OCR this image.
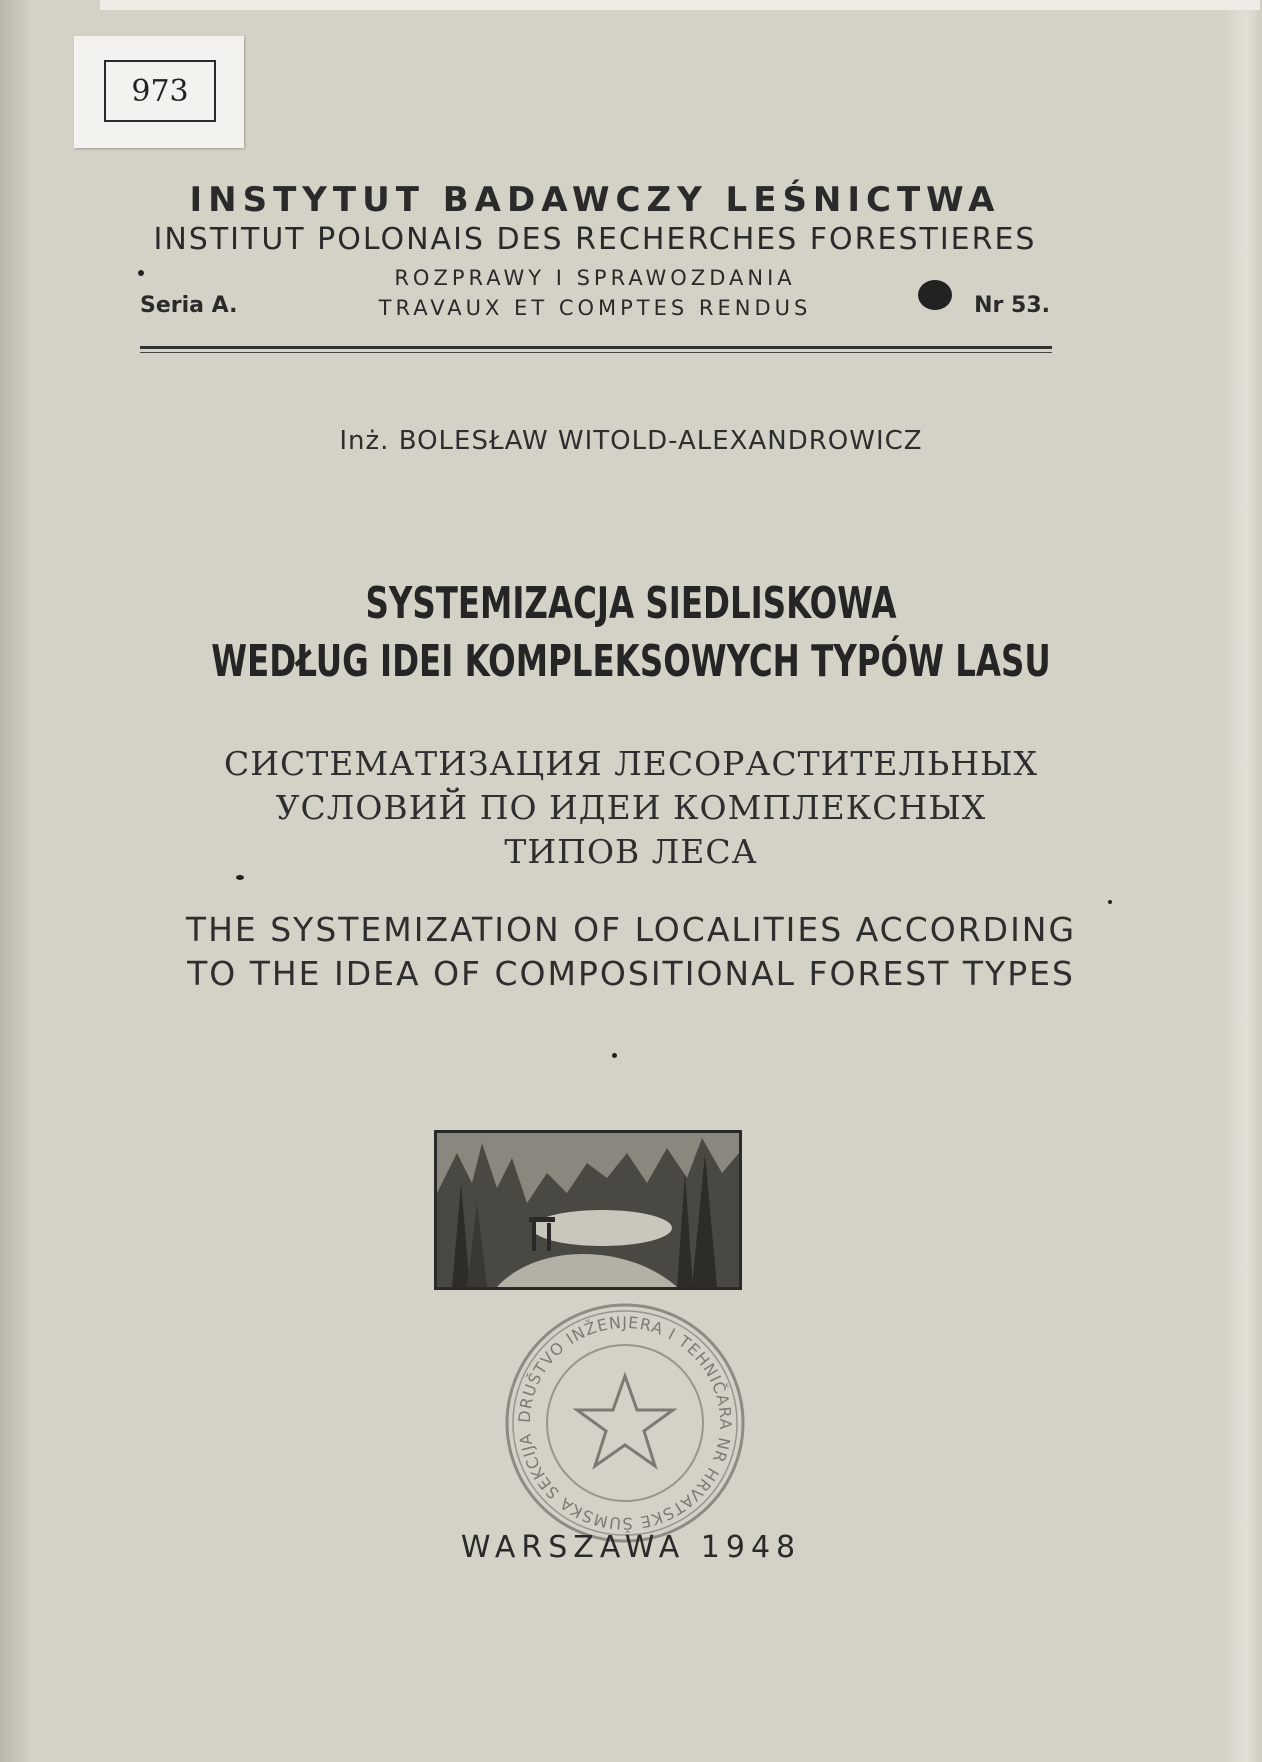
973
INSTYTUT BADAWCZY LEŚNICTWA
INSTITUT POLONAIS DES RECHERCHES FORESTIERES
Seria A.
ROZPRAWY I SPRAWOZDANIA
TRAVAUX ET COMPTES RENDUS	Nr 53.
Inż. BOLESŁAW WITOLD-ALEXANDROWICZ
SYSTEMIZACJA SIEDLISKOWA
WEDŁUG IDEI KOMPLEKSOWYCH TYPÓW LASU
СИСТЕМАТИЗАЦИЯ ЛЕСОРАСТИТЕЛЬНЫХ
УСЛОВИЙ ПО ИДЕИ КОМПЛЕКСНЫХ
ТИПОВ ЛЕСА
THE SYSTEMIZATION OF LOCALITIES ACCORDING
TO THE IDEA OF COMPOSITIONAL FOREST TYPES
DRUŠTVO INŽENJERA I TEHNIČARA NR HRVATSKE ŠUMSKA SEKCIJA
WARSZAWA 1948
